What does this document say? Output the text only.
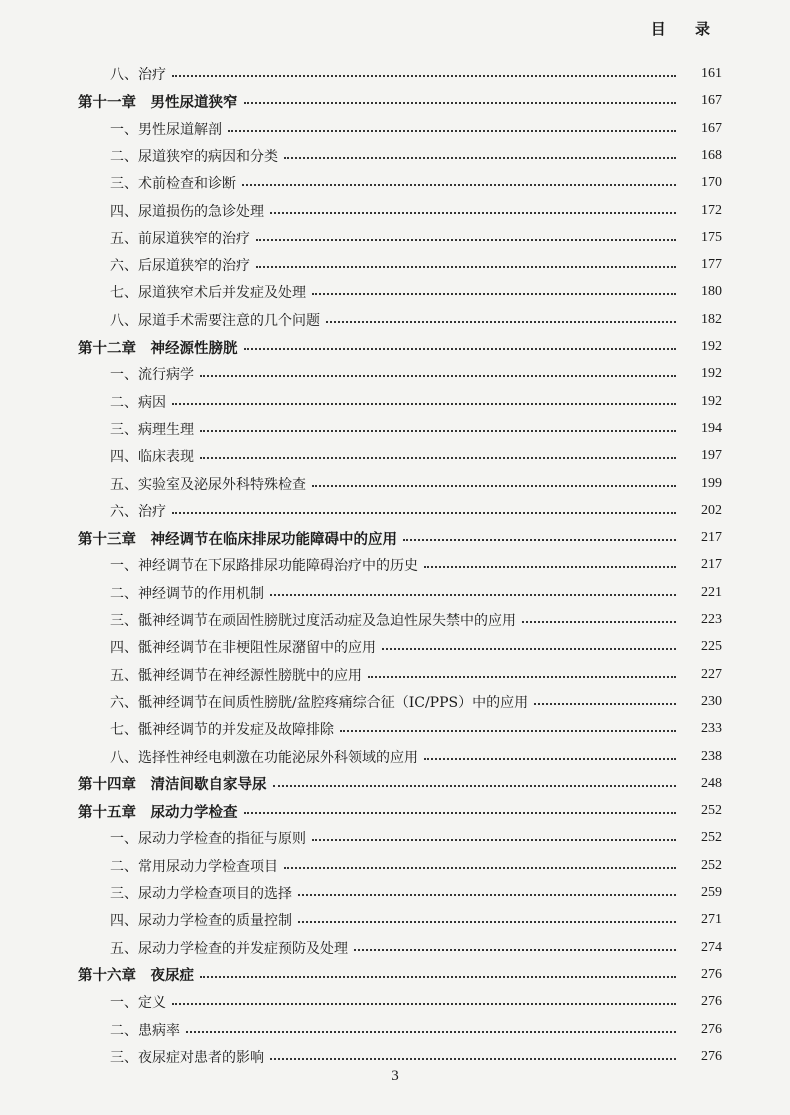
目 录
八、治疗	161
第十一章　男性尿道狭窄	167
一、男性尿道解剖	167
二、尿道狭窄的病因和分类	168
三、术前检查和诊断	170
四、尿道损伤的急诊处理	172
五、前尿道狭窄的治疗	175
六、后尿道狭窄的治疗	177
七、尿道狭窄术后并发症及处理	180
八、尿道手术需要注意的几个问题	182
第十二章　神经源性膀胱	192
一、流行病学	192
二、病因	192
三、病理生理	194
四、临床表现	197
五、实验室及泌尿外科特殊检查	199
六、治疗	202
第十三章　神经调节在临床排尿功能障碍中的应用	217
一、神经调节在下尿路排尿功能障碍治疗中的历史	217
二、神经调节的作用机制	221
三、骶神经调节在顽固性膀胱过度活动症及急迫性尿失禁中的应用	223
四、骶神经调节在非梗阻性尿潴留中的应用	225
五、骶神经调节在神经源性膀胱中的应用	227
六、骶神经调节在间质性膀胱/盆腔疼痛综合征（IC/PPS）中的应用	230
七、骶神经调节的并发症及故障排除	233
八、选择性神经电刺激在功能泌尿外科领域的应用	238
第十四章　清洁间歇自家导尿	248
第十五章　尿动力学检查	252
一、尿动力学检查的指征与原则	252
二、常用尿动力学检查项目	252
三、尿动力学检查项目的选择	259
四、尿动力学检查的质量控制	271
五、尿动力学检查的并发症预防及处理	274
第十六章　夜尿症	276
一、定义	276
二、患病率	276
三、夜尿症对患者的影响	276
3
